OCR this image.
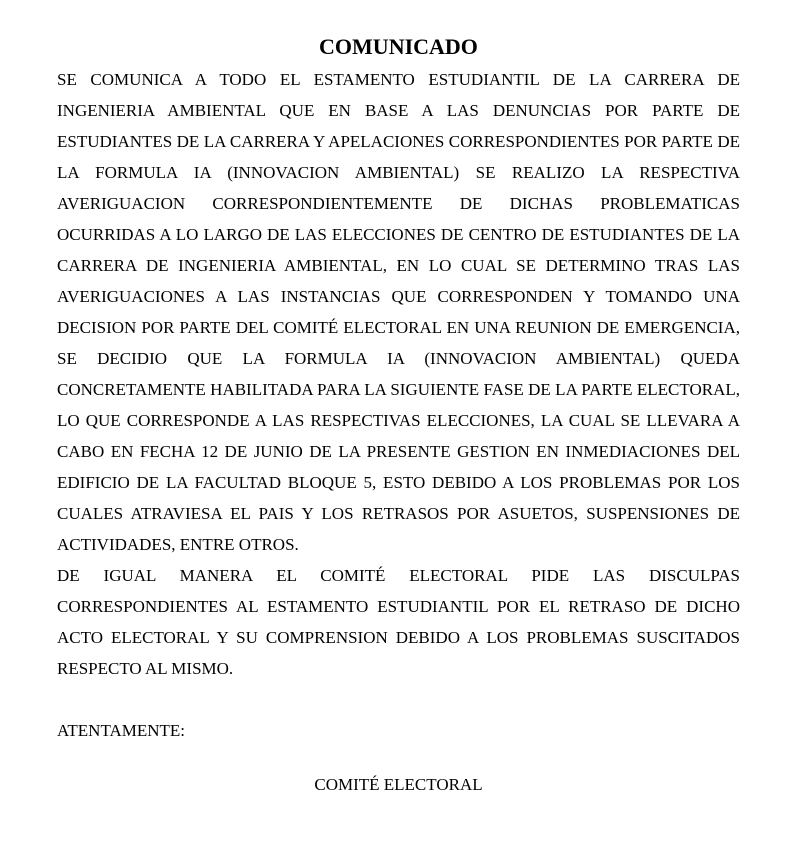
COMUNICADO

SE COMUNICA A TODO EL ESTAMENTO ESTUDIANTIL DE LA CARRERA DE INGENIERIA AMBIENTAL QUE EN BASE A LAS DENUNCIAS POR PARTE DE ESTUDIANTES DE LA CARRERA Y APELACIONES CORRESPONDIENTES POR PARTE DE LA FORMULA IA (INNOVACION AMBIENTAL) SE REALIZO LA RESPECTIVA AVERIGUACION CORRESPONDIENTEMENTE DE DICHAS PROBLEMATICAS OCURRIDAS A LO LARGO DE LAS ELECCIONES DE CENTRO DE ESTUDIANTES DE LA CARRERA DE INGENIERIA AMBIENTAL, EN LO CUAL SE DETERMINO TRAS LAS AVERIGUACIONES A LAS INSTANCIAS QUE CORRESPONDEN Y TOMANDO UNA DECISION POR PARTE DEL COMITÉ ELECTORAL EN UNA REUNION DE EMERGENCIA, SE DECIDIO QUE LA FORMULA IA (INNOVACION AMBIENTAL) QUEDA CONCRETAMENTE HABILITADA PARA LA SIGUIENTE FASE DE LA PARTE ELECTORAL, LO QUE CORRESPONDE A LAS RESPECTIVAS ELECCIONES, LA CUAL SE LLEVARA A CABO EN FECHA 12 DE JUNIO DE LA PRESENTE GESTION EN INMEDIACIONES DEL EDIFICIO DE LA FACULTAD BLOQUE 5, ESTO DEBIDO A LOS PROBLEMAS POR LOS CUALES ATRAVIESA EL PAIS Y LOS RETRASOS POR ASUETOS, SUSPENSIONES DE ACTIVIDADES, ENTRE OTROS.

DE IGUAL MANERA EL COMITÉ ELECTORAL PIDE LAS DISCULPAS CORRESPONDIENTES AL ESTAMENTO ESTUDIANTIL POR EL RETRASO DE DICHO ACTO ELECTORAL Y SU COMPRENSION DEBIDO A LOS PROBLEMAS SUSCITADOS RESPECTO AL MISMO.

ATENTAMENTE:

COMITÉ ELECTORAL
